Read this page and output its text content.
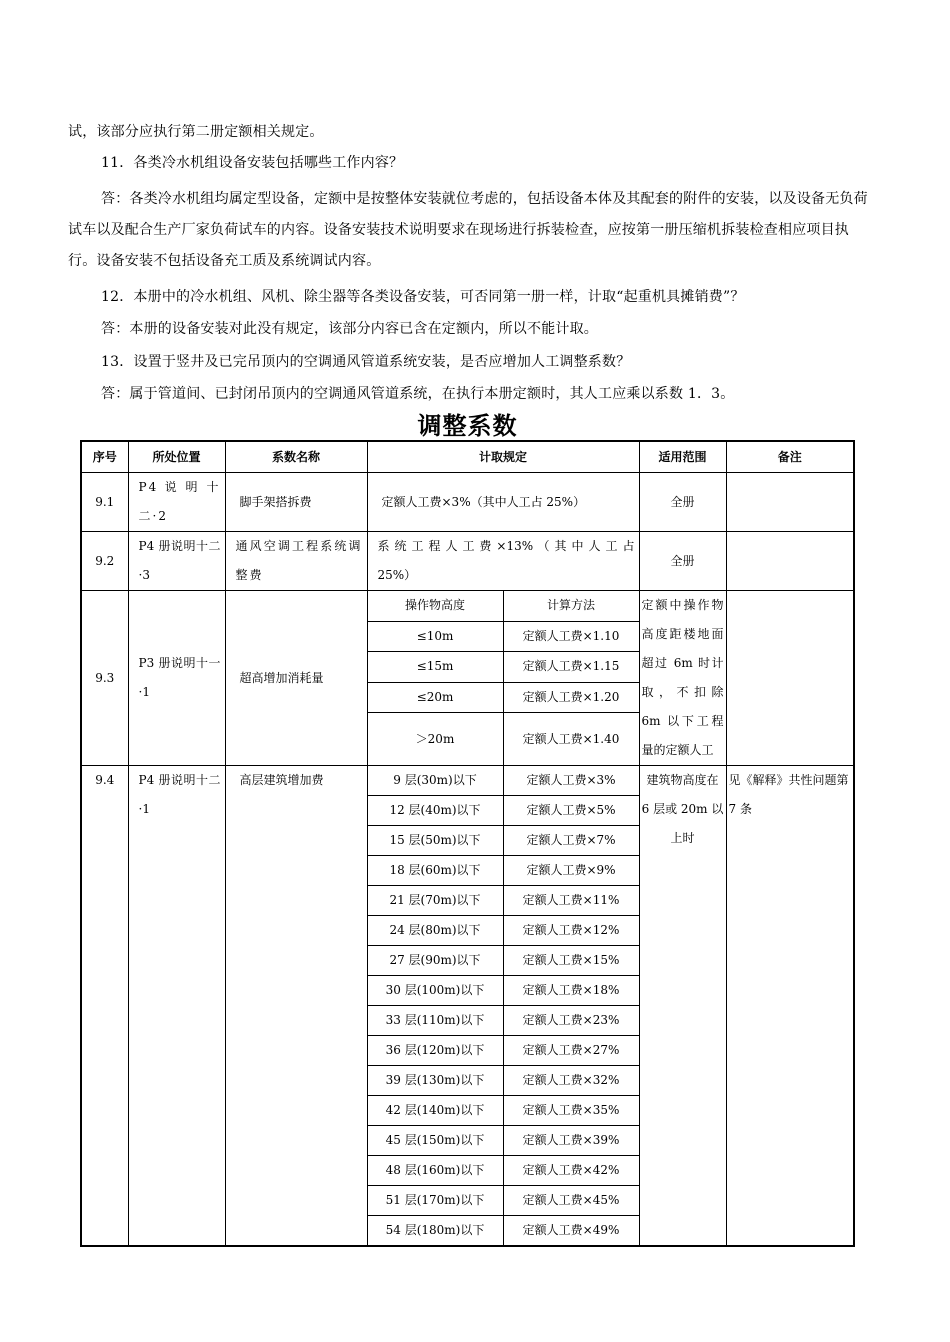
试，该部分应执行第二册定额相关规定。
11．各类冷水机组设备安装包括哪些工作内容？
答：各类冷水机组均属定型设备，定额中是按整体安装就位考虑的，包括设备本体及其配套的附件的安装，以及设备无负荷试车以及配合生产厂家负荷试车的内容。设备安装技术说明要求在现场进行拆装检查，应按第一册压缩机拆装检查相应项目执行。设备安装不包括设备充工质及系统调试内容。
12．本册中的冷水机组、风机、除尘器等各类设备安装，可否同第一册一样，计取“起重机具摊销费”？
答：本册的设备安装对此没有规定，该部分内容已含在定额内，所以不能计取。
13．设置于竖井及已完吊顶内的空调通风管道系统安装，是否应增加人工调整系数？
答：属于管道间、已封闭吊顶内的空调通风管道系统，在执行本册定额时，其人工应乘以系数 1．3。
调整系数
序号	所处位置	系数名称	计取规定		适用范围	备注
9.1	P4 说 明 十二·2	脚手架搭拆费	定额人工费×3%（其中人工占 25%）		全册	
9.2	P4 册说明十二·3	通风空调工程系统调整费	系 统 工 程 人 工 费 ×13% （ 其 中 人 工 占 25%）		全册	
9.3	P3 册说明十一·1	超高增加消耗量	操作物高度	计算方法	定额中操作物高度距楼地面超过 6m 时计取，不扣除 6m 以下工程量的定额人工	
			≤10m	定额人工费×1.10		
			≤15m	定额人工费×1.15		
			≤20m	定额人工费×1.20		
			＞20m	定额人工费×1.40		
9.4	P4 册说明十二·1	高层建筑增加费	9 层(30m)以下	定额人工费×3%	建筑物高度在 6 层或 20m 以上时	见《解释》共性问题第 7 条
			12 层(40m)以下	定额人工费×5%		
			15 层(50m)以下	定额人工费×7%		
			18 层(60m)以下	定额人工费×9%		
			21 层(70m)以下	定额人工费×11%		
			24 层(80m)以下	定额人工费×12%		
			27 层(90m)以下	定额人工费×15%		
			30 层(100m)以下	定额人工费×18%		
			33 层(110m)以下	定额人工费×23%		
			36 层(120m)以下	定额人工费×27%		
			39 层(130m)以下	定额人工费×32%		
			42 层(140m)以下	定额人工费×35%		
			45 层(150m)以下	定额人工费×39%		
			48 层(160m)以下	定额人工费×42%		
			51 层(170m)以下	定额人工费×45%		
			54 层(180m)以下	定额人工费×49%		
